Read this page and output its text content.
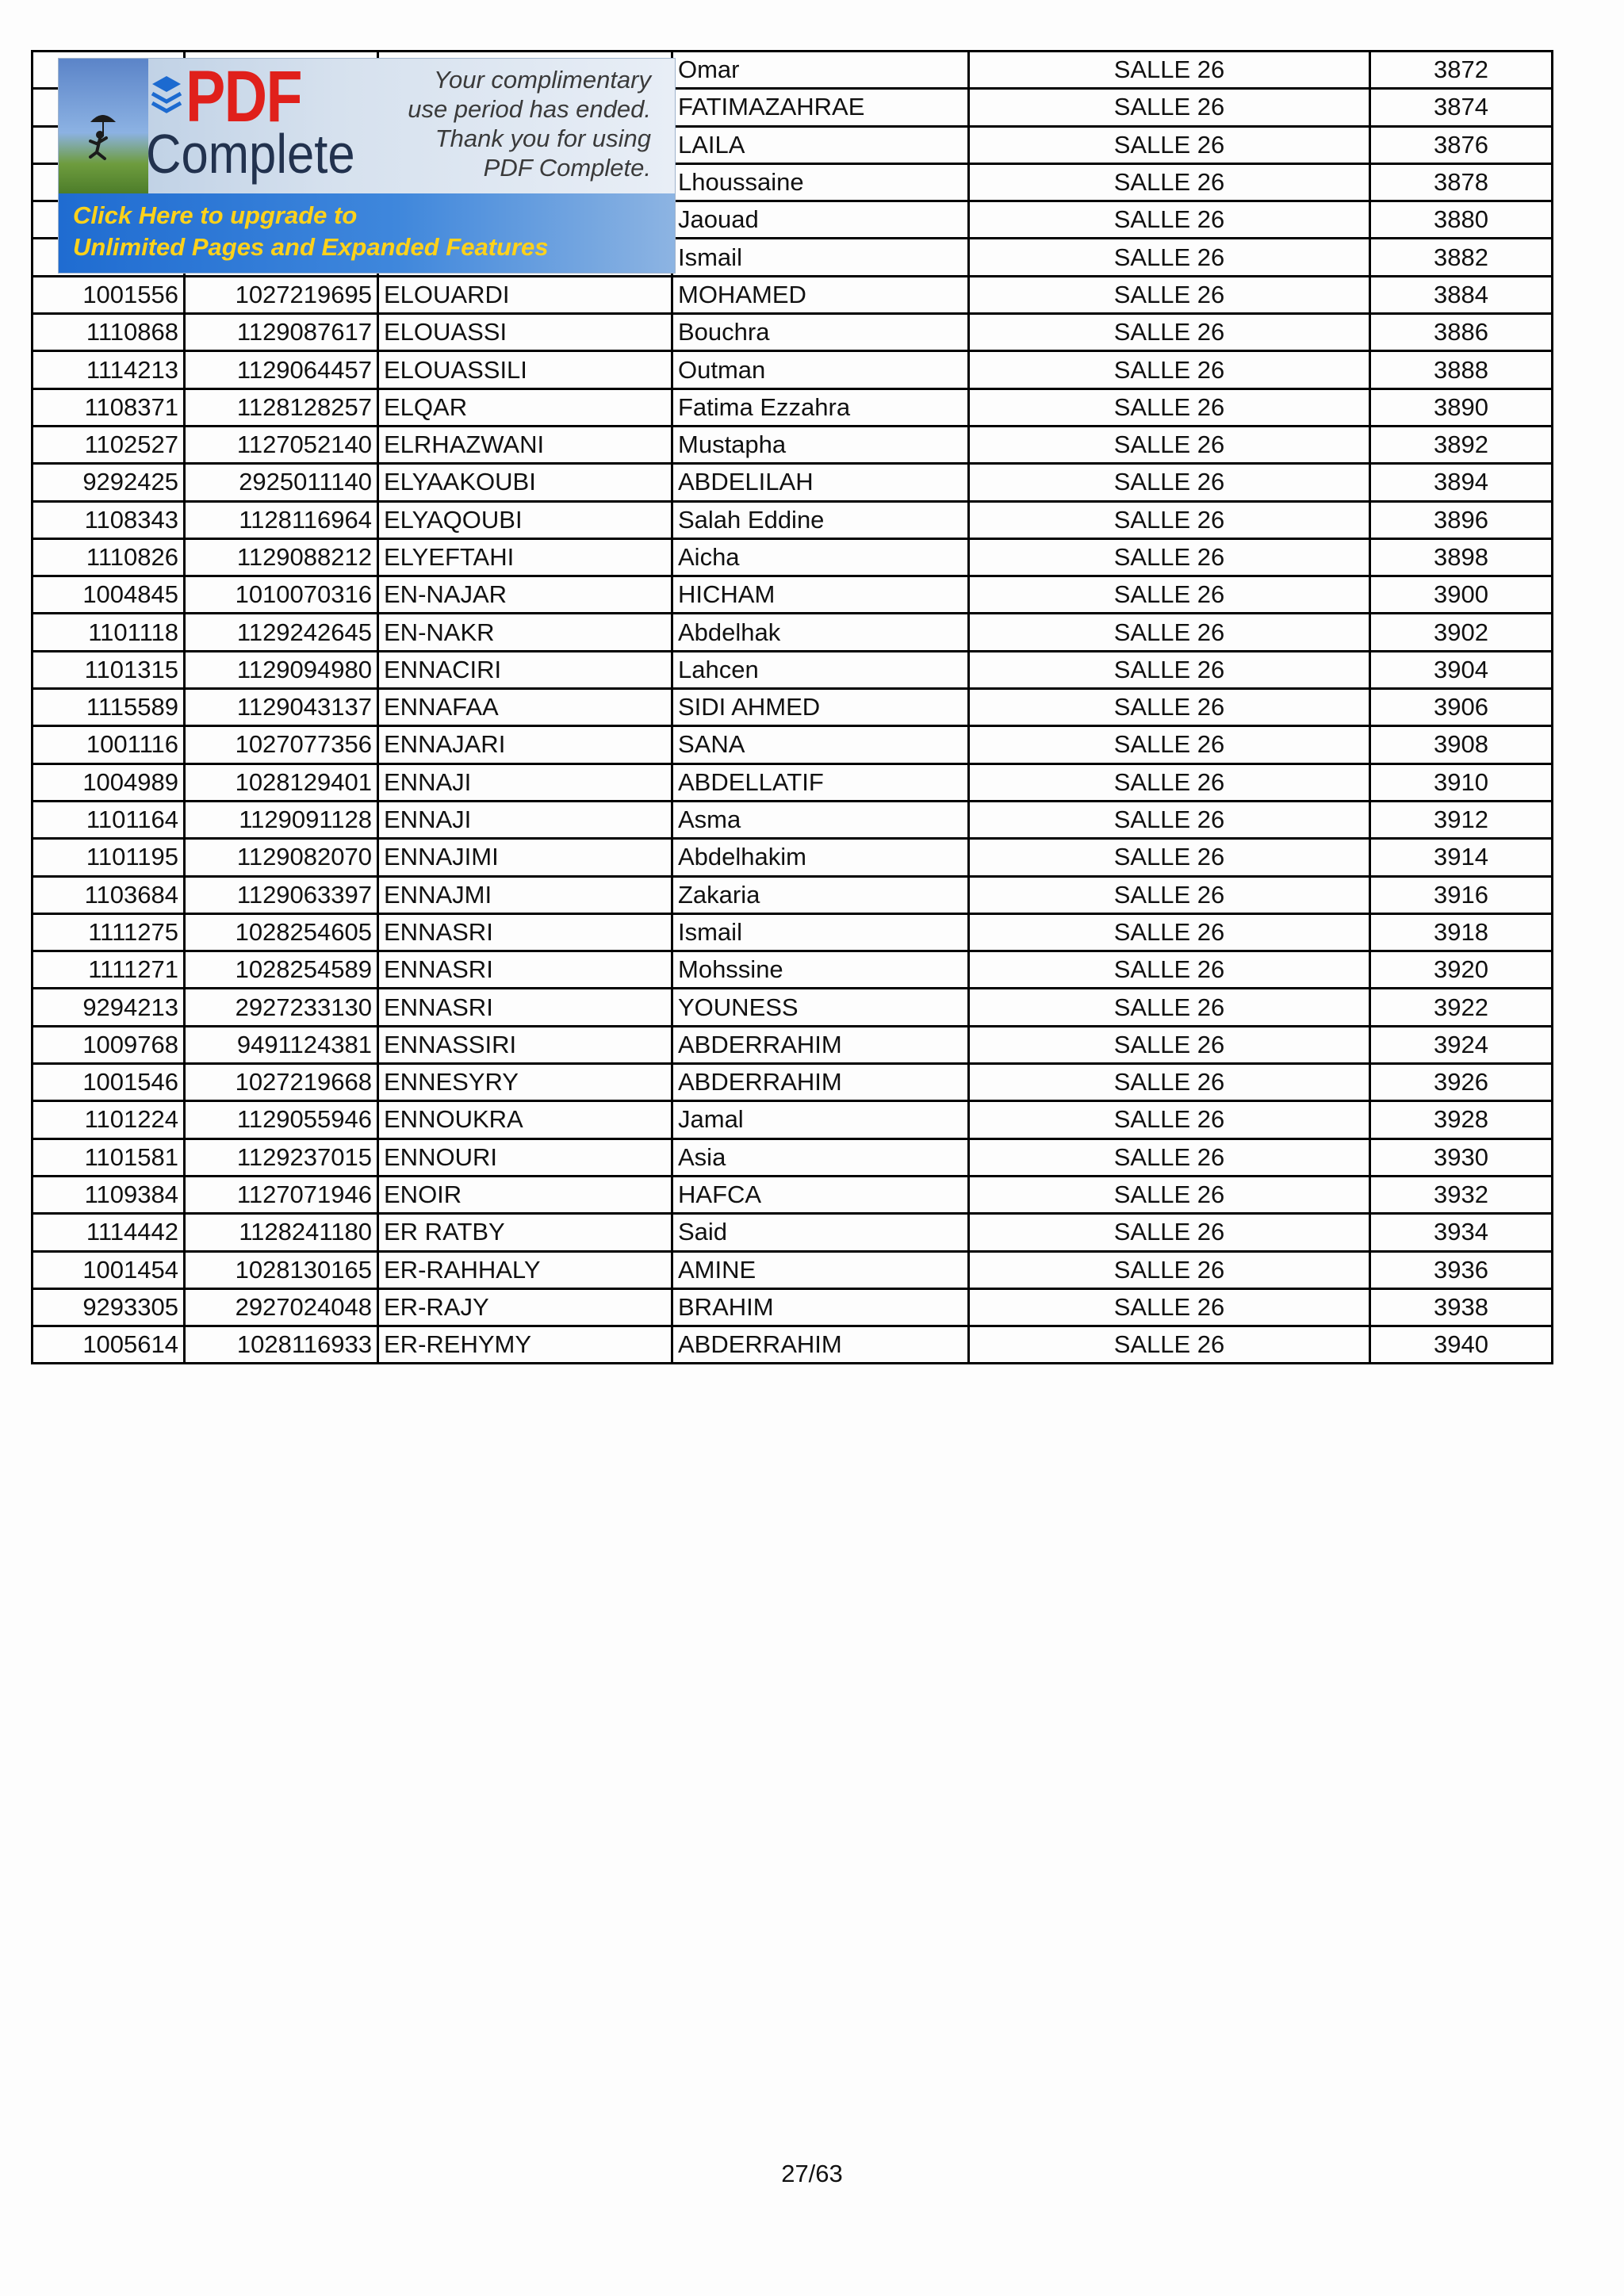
			Omar	SALLE 26	3872
			FATIMAZAHRAE	SALLE 26	3874
			LAILA	SALLE 26	3876
			Lhoussaine	SALLE 26	3878
			Jaouad	SALLE 26	3880
			Ismail	SALLE 26	3882
1001556	1027219695	ELOUARDI	MOHAMED	SALLE 26	3884
1110868	1129087617	ELOUASSI	Bouchra	SALLE 26	3886
1114213	1129064457	ELOUASSILI	Outman	SALLE 26	3888
1108371	1128128257	ELQAR	Fatima Ezzahra	SALLE 26	3890
1102527	1127052140	ELRHAZWANI	Mustapha	SALLE 26	3892
9292425	2925011140	ELYAAKOUBI	ABDELILAH	SALLE 26	3894
1108343	1128116964	ELYAQOUBI	Salah Eddine	SALLE 26	3896
1110826	1129088212	ELYEFTAHI	Aicha	SALLE 26	3898
1004845	1010070316	EN-NAJAR	HICHAM	SALLE 26	3900
1101118	1129242645	EN-NAKR	Abdelhak	SALLE 26	3902
1101315	1129094980	ENNACIRI	Lahcen	SALLE 26	3904
1115589	1129043137	ENNAFAA	SIDI AHMED	SALLE 26	3906
1001116	1027077356	ENNAJARI	SANA	SALLE 26	3908
1004989	1028129401	ENNAJI	ABDELLATIF	SALLE 26	3910
1101164	1129091128	ENNAJI	Asma	SALLE 26	3912
1101195	1129082070	ENNAJIMI	Abdelhakim	SALLE 26	3914
1103684	1129063397	ENNAJMI	Zakaria	SALLE 26	3916
1111275	1028254605	ENNASRI	Ismail	SALLE 26	3918
1111271	1028254589	ENNASRI	Mohssine	SALLE 26	3920
9294213	2927233130	ENNASRI	YOUNESS	SALLE 26	3922
1009768	9491124381	ENNASSIRI	ABDERRAHIM	SALLE 26	3924
1001546	1027219668	ENNESYRY	ABDERRAHIM	SALLE 26	3926
1101224	1129055946	ENNOUKRA	Jamal	SALLE 26	3928
1101581	1129237015	ENNOURI	Asia	SALLE 26	3930
1109384	1127071946	ENOIR	HAFCA	SALLE 26	3932
1114442	1128241180	ER RATBY	Said	SALLE 26	3934
1001454	1028130165	ER-RAHHALY	AMINE	SALLE 26	3936
9293305	2927024048	ER-RAJY	BRAHIM	SALLE 26	3938
1005614	1028116933	ER-REHYMY	ABDERRAHIM	SALLE 26	3940
PDF
Complete
Your complimentary
use period has ended.
Thank you for using
PDF Complete.
Click Here to upgrade to
Unlimited Pages and Expanded Features
27/63
